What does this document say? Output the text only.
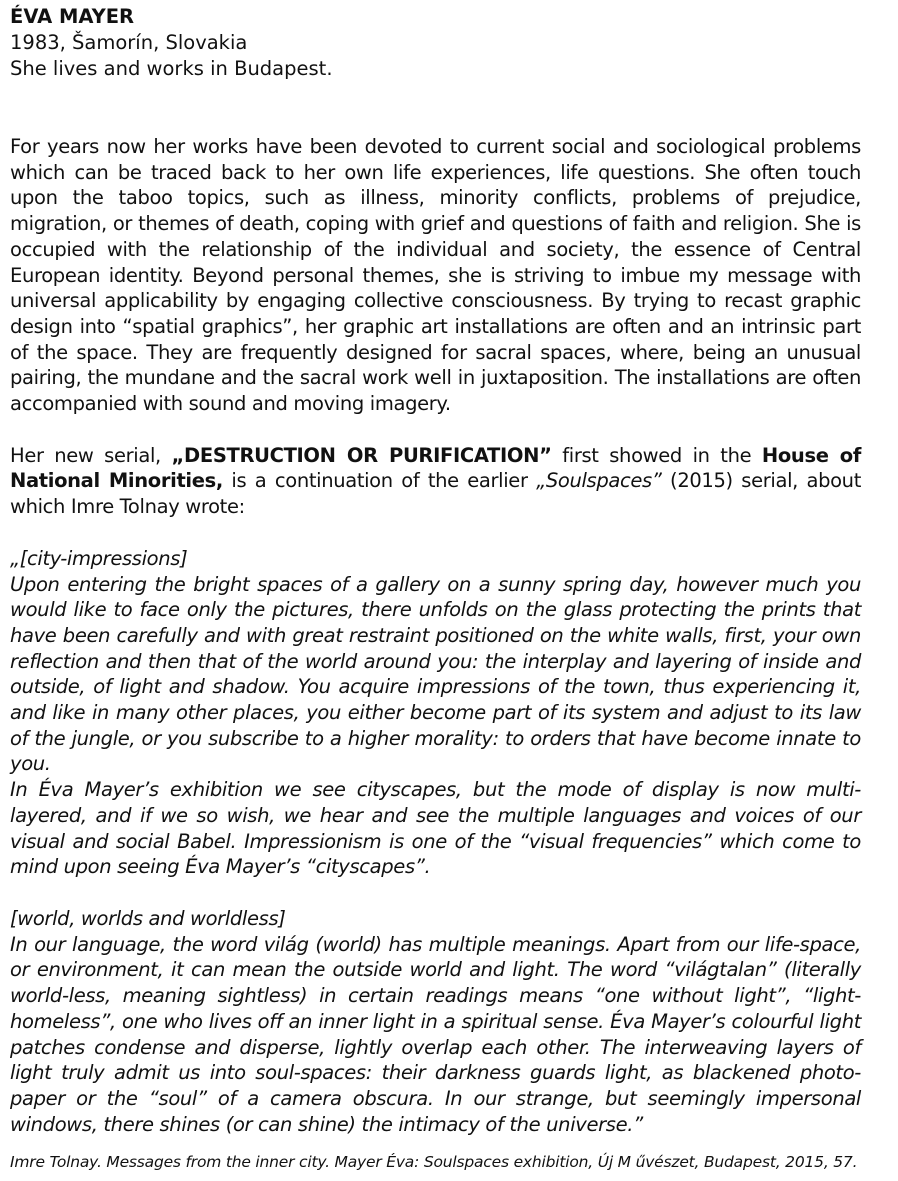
ÉVA MAYER
1983, Šamorín, Slovakia
She lives and works in Budapest.

For years now her works have been devoted to current social and sociological problems which can be traced back to her own life experiences, life questions. She often touch upon the taboo topics, such as illness, minority conflicts, problems of prejudice, migration, or themes of death, coping with grief and questions of faith and religion. She is occupied with the relationship of the individual and society, the essence of Central European identity. Beyond personal themes, she is striving to imbue my message with universal applicability by engaging collective consciousness. By trying to recast graphic design into “spatial graphics”, her graphic art installations are often and an intrinsic part of the space. They are frequently designed for sacral spaces, where, being an unusual pairing, the mundane and the sacral work well in juxtaposition. The installations are often accompanied with sound and moving imagery.

Her new serial, „DESTRUCTION OR PURIFICATION” first showed in the House of National Minorities, is a continuation of the earlier „Soulspaces” (2015) serial, about which Imre Tolnay wrote:

„[city-impressions]

Upon entering the bright spaces of a gallery on a sunny spring day, however much you would like to face only the pictures, there unfolds on the glass protecting the prints that have been carefully and with great restraint positioned on the white walls, first, your own reflection and then that of the world around you: the interplay and layering of inside and outside, of light and shadow. You acquire impressions of the town, thus experiencing it, and like in many other places, you either become part of its system and adjust to its law of the jungle, or you subscribe to a higher morality: to orders that have become innate to you.

In Éva Mayer’s exhibition we see cityscapes, but the mode of display is now multi-layered, and if we so wish, we hear and see the multiple languages and voices of our visual and social Babel. Impressionism is one of the “visual frequencies” which come to mind upon seeing Éva Mayer’s “cityscapes”.

[world, worlds and worldless]

In our language, the word világ (world) has multiple meanings. Apart from our life-space, or environment, it can mean the outside world and light. The word “világtalan” (literally world-less, meaning sightless) in certain readings means “one without light”, “light-homeless”, one who lives off an inner light in a spiritual sense. Éva Mayer’s colourful light patches condense and disperse, lightly overlap each other. The interweaving layers of light truly admit us into soul-spaces: their darkness guards light, as blackened photo-paper or the “soul” of a camera obscura. In our strange, but seemingly impersonal windows, there shines (or can shine) the intimacy of the universe.”

Imre Tolnay. Messages from the inner city. Mayer Éva: Soulspaces exhibition, Új M űvészet, Budapest, 2015, 57.
